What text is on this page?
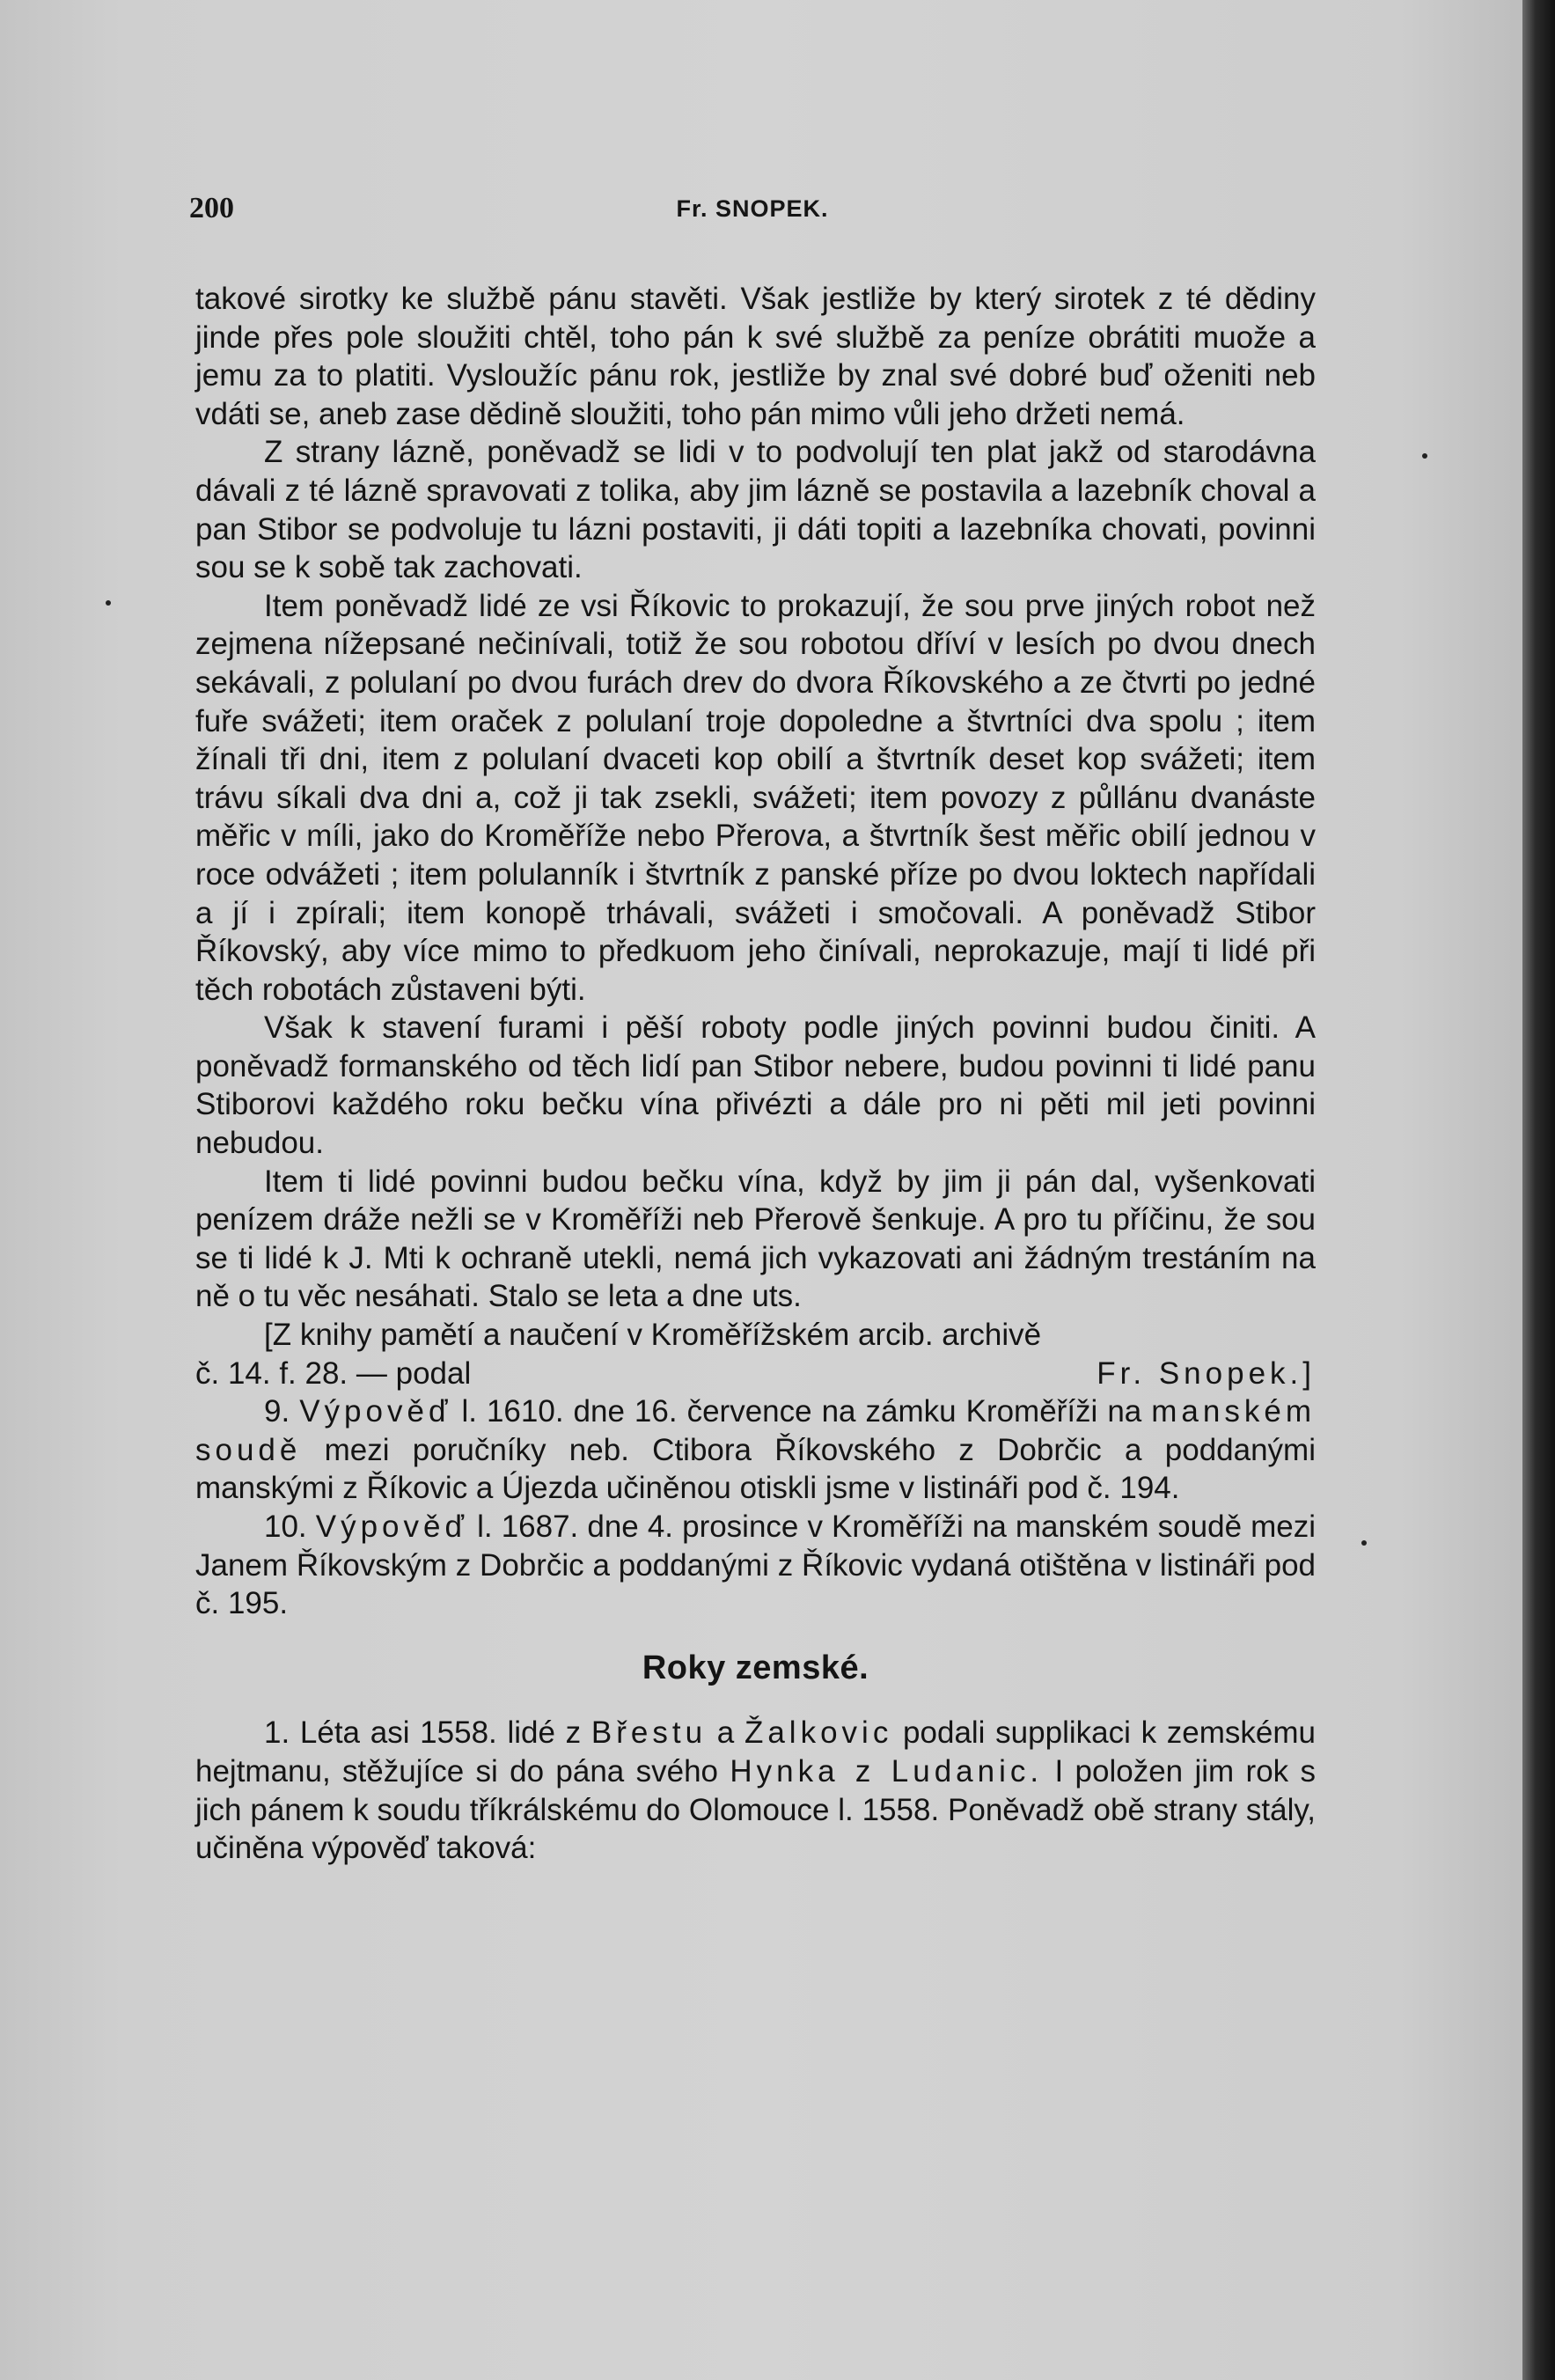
200	Fr. SNOPEK.

takové sirotky ke službě pánu stavěti. Však jestliže by který sirotek z té dědiny jinde přes pole sloužiti chtěl, toho pán k své službě za peníze obrátiti muože a jemu za to platiti. Vysloužíc pánu rok, jestliže by znal své dobré buď oženiti neb vdáti se, aneb zase dědině sloužiti, toho pán mimo vůli jeho držeti nemá.

Z strany lázně, poněvadž se lidi v to podvolují ten plat jakž od starodávna dávali z té lázně spravovati z tolika, aby jim lázně se postavila a lazebník choval a pan Stibor se podvoluje tu lázni postaviti, ji dáti topiti a lazebníka chovati, povinni sou se k sobě tak zachovati.

Item poněvadž lidé ze vsi Říkovic to prokazují, že sou prve jiných robot než zejmena nížepsané nečinívali, totiž že sou robotou dříví v lesích po dvou dnech sekávali, z polulaní po dvou furách drev do dvora Říkovského a ze čtvrti po jedné fuře svážeti; item oraček z polulaní troje dopoledne a štvrtníci dva spolu ; item žínali tři dni, item z polulaní dvaceti kop obilí a štvrtník deset kop svážeti; item trávu síkali dva dni a, což ji tak zsekli, svážeti; item povozy z půllánu dvanáste měřic v míli, jako do Kroměříže nebo Přerova, a štvrtník šest měřic obilí jednou v roce odvážeti ; item polulanník i štvrtník z panské příze po dvou loktech napřídali a jí i zpírali; item konopě trhávali, svážeti i smočovali. A poněvadž Stibor Říkovský, aby více mimo to předkuom jeho činívali, neprokazuje, mají ti lidé při těch robotách zůstaveni býti.

Však k stavení furami i pěší roboty podle jiných povinni budou činiti. A poněvadž formanského od těch lidí pan Stibor nebere, budou povinni ti lidé panu Stiborovi každého roku bečku vína přivézti a dále pro ni pěti mil jeti povinni nebudou.

Item ti lidé povinni budou bečku vína, když by jim ji pán dal, vyšenkovati penízem dráže nežli se v Kroměříži neb Přerově šenkuje. A pro tu příčinu, že sou se ti lidé k J. Mti k ochraně utekli, nemá jich vykazovati ani žádným trestáním na ně o tu věc nesáhati. Stalo se leta a dne uts.

[Z knihy pamětí a naučení v Kroměřížském arcib. archivě

č. 14. f. 28. — podal	Fr. Snopek.]

9. Výpověď l. 1610. dne 16. července na zámku Kroměříži na manském soudě mezi poručníky neb. Ctibora Říkovského z Dobrčic a poddanými manskými z Říkovic a Újezda učiněnou otiskli jsme v listináři pod č. 194.

10. Výpověď l. 1687. dne 4. prosince v Kroměříži na manském soudě mezi Janem Říkovským z Dobrčic a poddanými z Říkovic vydaná otištěna v listináři pod č. 195.

Roky zemské.

1. Léta asi 1558. lidé z Břestu a Žalkovic podali supplikaci k zemskému hejtmanu, stěžujíce si do pána svého Hynka z Ludanic. I položen jim rok s jich pánem k soudu tříkrálskému do Olomouce l. 1558. Poněvadž obě strany stály, učiněna výpověď taková:
